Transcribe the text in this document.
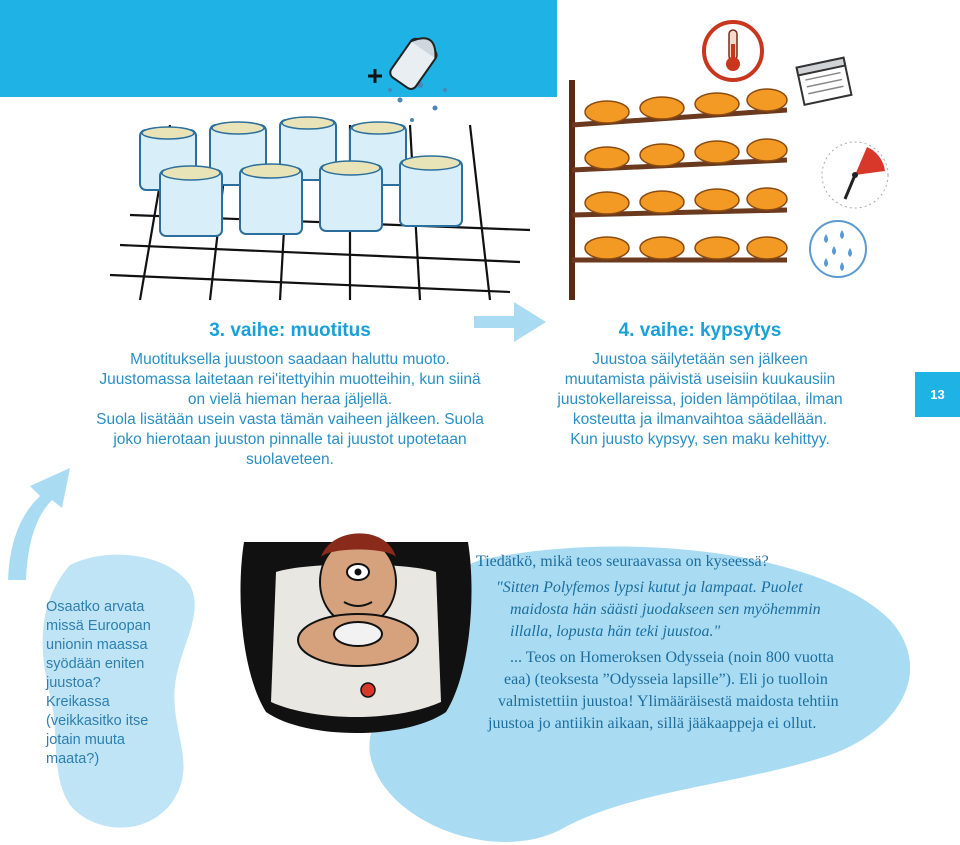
3. vaihe: muotitus

Muotituksella juustoon saadaan haluttu muoto.

Juustomassa laitetaan rei'itettyihin muotteihin, kun siinä

on vielä hieman heraa jäljellä.

Suola lisätään usein vasta tämän vaiheen jälkeen. Suola

joko hierotaan juuston pinnalle tai juustot upotetaan

suolaveteen.

4. vaihe: kypsytys

Juustoa säilytetään sen jälkeen

muutamista päivistä useisiin kuukausiin

juustokellareissa, joiden lämpötilaa, ilman

kosteutta ja ilmanvaihtoa säädellään.

Kun juusto kypsyy, sen maku kehittyy.

13
Osaatko arvata
missä Euroopan
unionin maassa
syödään eniten
juustoa?
Kreikassa
(veikkasitko itse
jotain muuta
maata?)

Tiedätkö, mikä teos seuraavassa on kyseessä?

"Sitten Polyfemos lypsi kutut ja lampaat. Puolet

maidosta hän säästi juodakseen sen myöhemmin

illalla, lopusta hän teki juustoa."

... Teos on Homeroksen Odysseia (noin 800 vuotta

eaa) (teoksesta ”Odysseia lapsille”). Eli jo tuolloin

valmistettiin juustoa! Ylimääräisestä maidosta tehtiin

juustoa jo antiikin aikaan, sillä jääkaappeja ei ollut.
